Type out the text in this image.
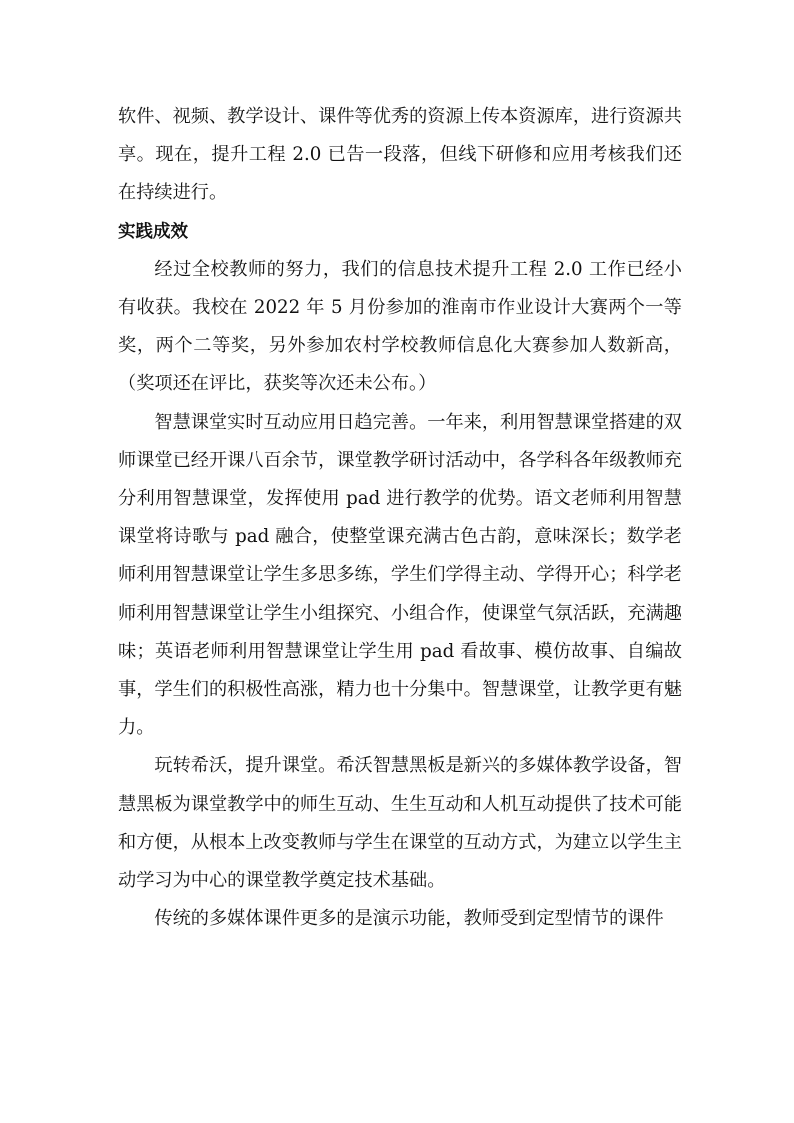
软件、视频、教学设计、课件等优秀的资源上传本资源库，进行资源共享。现在，提升工程 2.0 已告一段落，但线下研修和应用考核我们还在持续进行。

实践成效

经过全校教师的努力，我们的信息技术提升工程 2.0 工作已经小有收获。我校在 2022 年 5 月份参加的淮南市作业设计大赛两个一等奖，两个二等奖，另外参加农村学校教师信息化大赛参加人数新高，（奖项还在评比，获奖等次还未公布。）

智慧课堂实时互动应用日趋完善。一年来，利用智慧课堂搭建的双师课堂已经开课八百余节，课堂教学研讨活动中，各学科各年级教师充分利用智慧课堂，发挥使用 pad 进行教学的优势。语文老师利用智慧课堂将诗歌与 pad 融合，使整堂课充满古色古韵，意味深长；数学老师利用智慧课堂让学生多思多练，学生们学得主动、学得开心；科学老师利用智慧课堂让学生小组探究、小组合作，使课堂气氛活跃，充满趣味；英语老师利用智慧课堂让学生用 pad 看故事、模仿故事、自编故事，学生们的积极性高涨，精力也十分集中。智慧课堂，让教学更有魅力。

玩转希沃，提升课堂。希沃智慧黑板是新兴的多媒体教学设备，智慧黑板为课堂教学中的师生互动、生生互动和人机互动提供了技术可能和方便，从根本上改变教师与学生在课堂的互动方式，为建立以学生主动学习为中心的课堂教学奠定技术基础。

传统的多媒体课件更多的是演示功能，教师受到定型情节的课件
